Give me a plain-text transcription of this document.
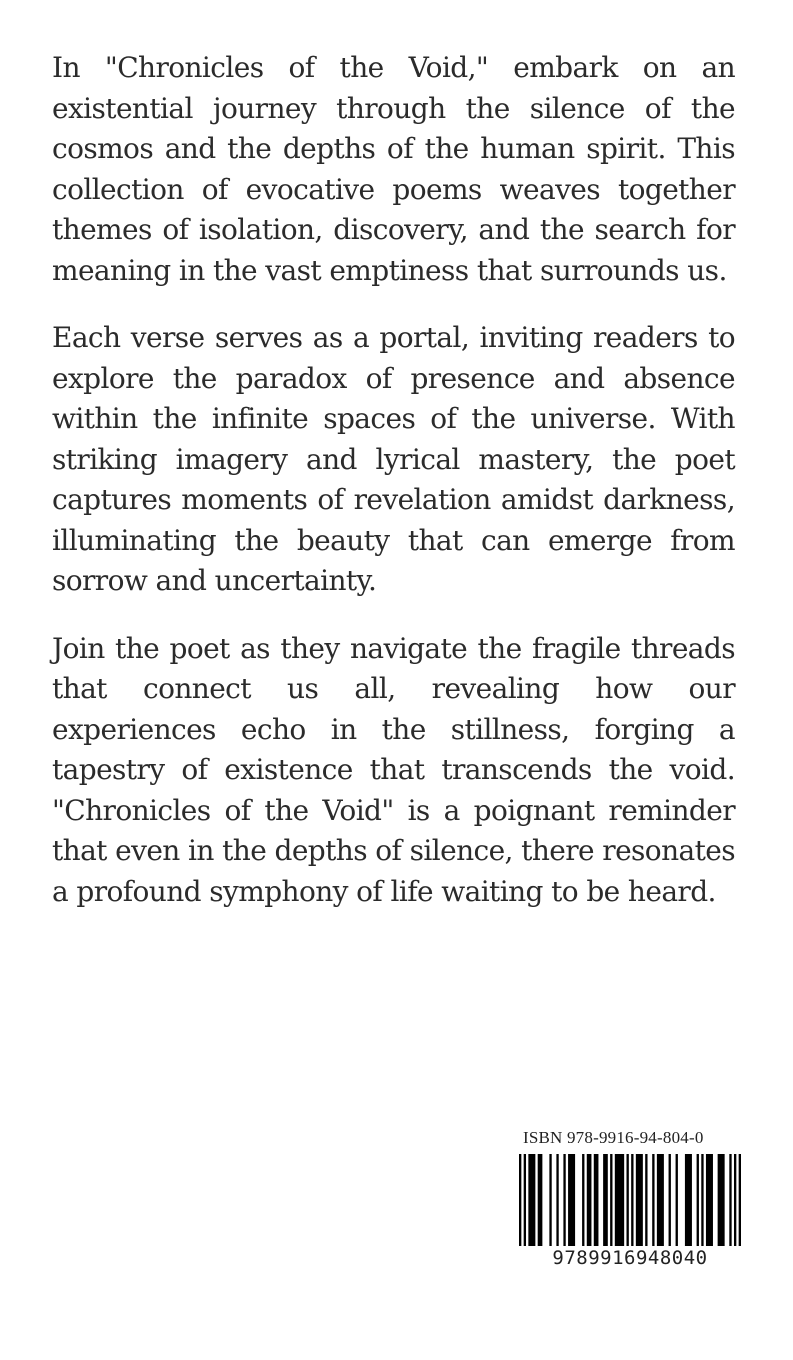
In "Chronicles of the Void," embark on an existential journey through the silence of the cosmos and the depths of the human spirit. This collection of evocative poems weaves together themes of isolation, discovery, and the search for meaning in the vast emptiness that surrounds us.

Each verse serves as a portal, inviting readers to explore the paradox of presence and absence within the infinite spaces of the universe. With striking imagery and lyrical mastery, the poet captures moments of revelation amidst darkness, illuminating the beauty that can emerge from sorrow and uncertainty.

Join the poet as they navigate the fragile threads that connect us all, revealing how our experiences echo in the stillness, forging a tapestry of existence that transcends the void. "Chronicles of the Void" is a poignant reminder that even in the depths of silence, there resonates a profound symphony of life waiting to be heard.

ISBN 978-9916-94-804-0
9789916948040
